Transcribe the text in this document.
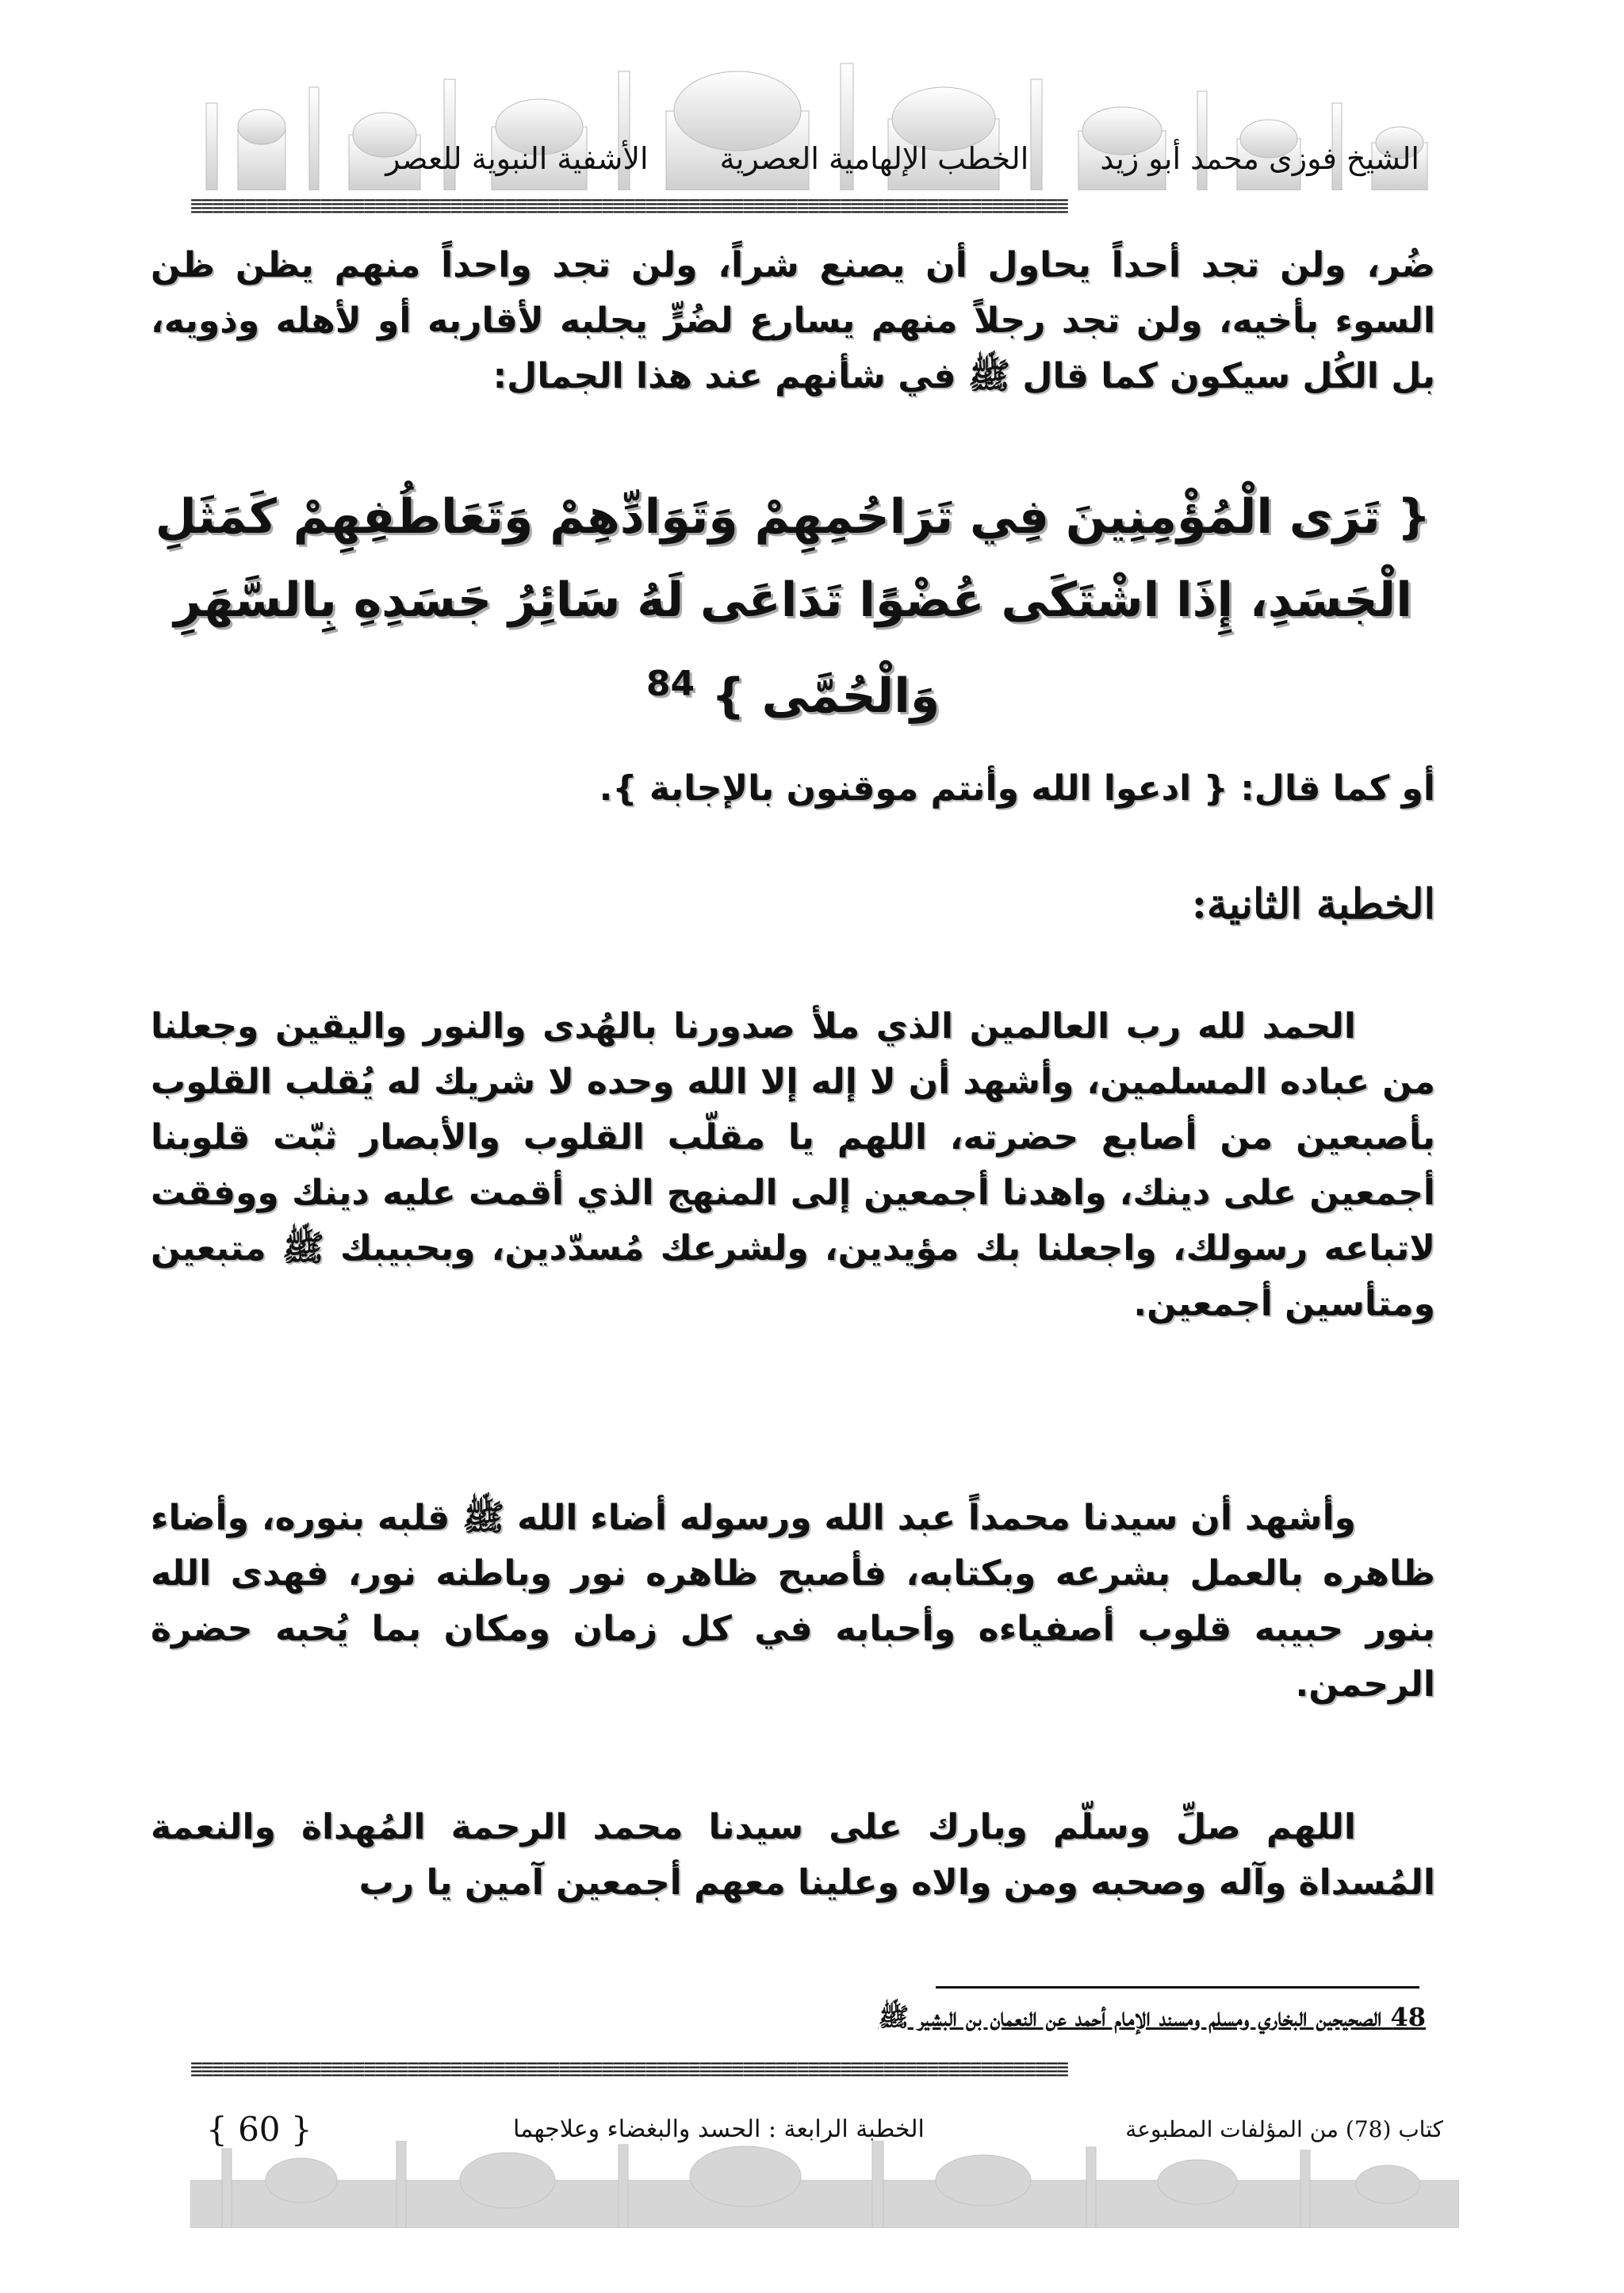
الشيخ فوزى محمد أبو زيد
الخطب الإلهامية العصرية
الأشفية النبوية للعصر
ضُر، ولن تجد أحداً يحاول أن يصنع شراً، ولن تجد واحداً منهم يظن ظن السوء بأخيه، ولن تجد رجلاً منهم يسارع لضُرٍّ يجلبه لأقاربه أو لأهله وذويه، بل الكُل سيكون كما قال ﷺ في شأنهم عند هذا الجمال:
{ تَرَى الْمُؤْمِنِينَ فِي تَرَاحُمِهِمْ وَتَوَادِّهِمْ وَتَعَاطُفِهِمْ كَمَثَلِ الْجَسَدِ، إِذَا اشْتَكَى عُضْوًا تَدَاعَى لَهُ سَائِرُ جَسَدِهِ بِالسَّهَرِ وَالْحُمَّى } $^{84}$
أو كما قال: { ادعوا الله وأنتم موقنون بالإجابة }.
الخطبة الثانية:
الحمد لله رب العالمين الذي ملأ صدورنا بالهُدى والنور واليقين وجعلنا من عباده المسلمين، وأشهد أن لا إله إلا الله وحده لا شريك له يُقلب القلوب بأصبعين من أصابع حضرته، اللهم يا مقلّب القلوب والأبصار ثبّت قلوبنا أجمعين على دينك، واهدنا أجمعين إلى المنهج الذي أقمت عليه دينك ووفقت لاتباعه رسولك، واجعلنا بك مؤيدين، ولشرعك مُسدّدين، وبحبيبك ﷺ متبعين ومتأسين أجمعين.
وأشهد أن سيدنا محمداً عبد الله ورسوله أضاء الله ﷺ قلبه بنوره، وأضاء ظاهره بالعمل بشرعه وبكتابه، فأصبح ظاهره نور وباطنه نور، فهدى الله بنور حبيبه قلوب أصفياءه وأحبابه في كل زمان ومكان بما يُحبه حضرة الرحمن.
اللهم صلِّ وسلّم وبارك على سيدنا محمد الرحمة المُهداة والنعمة المُسداة وآله وصحبه ومن والاه وعلينا معهم أجمعين آمين يا رب
48 الصحيحين البخاري ومسلم ومسند الإمام أحمد عن النعمان بن البشير ﷺ
كتاب (78) من المؤلفات المطبوعة
الخطبة الرابعة : الحسد والبغضاء وعلاجهما
{ 60 }
